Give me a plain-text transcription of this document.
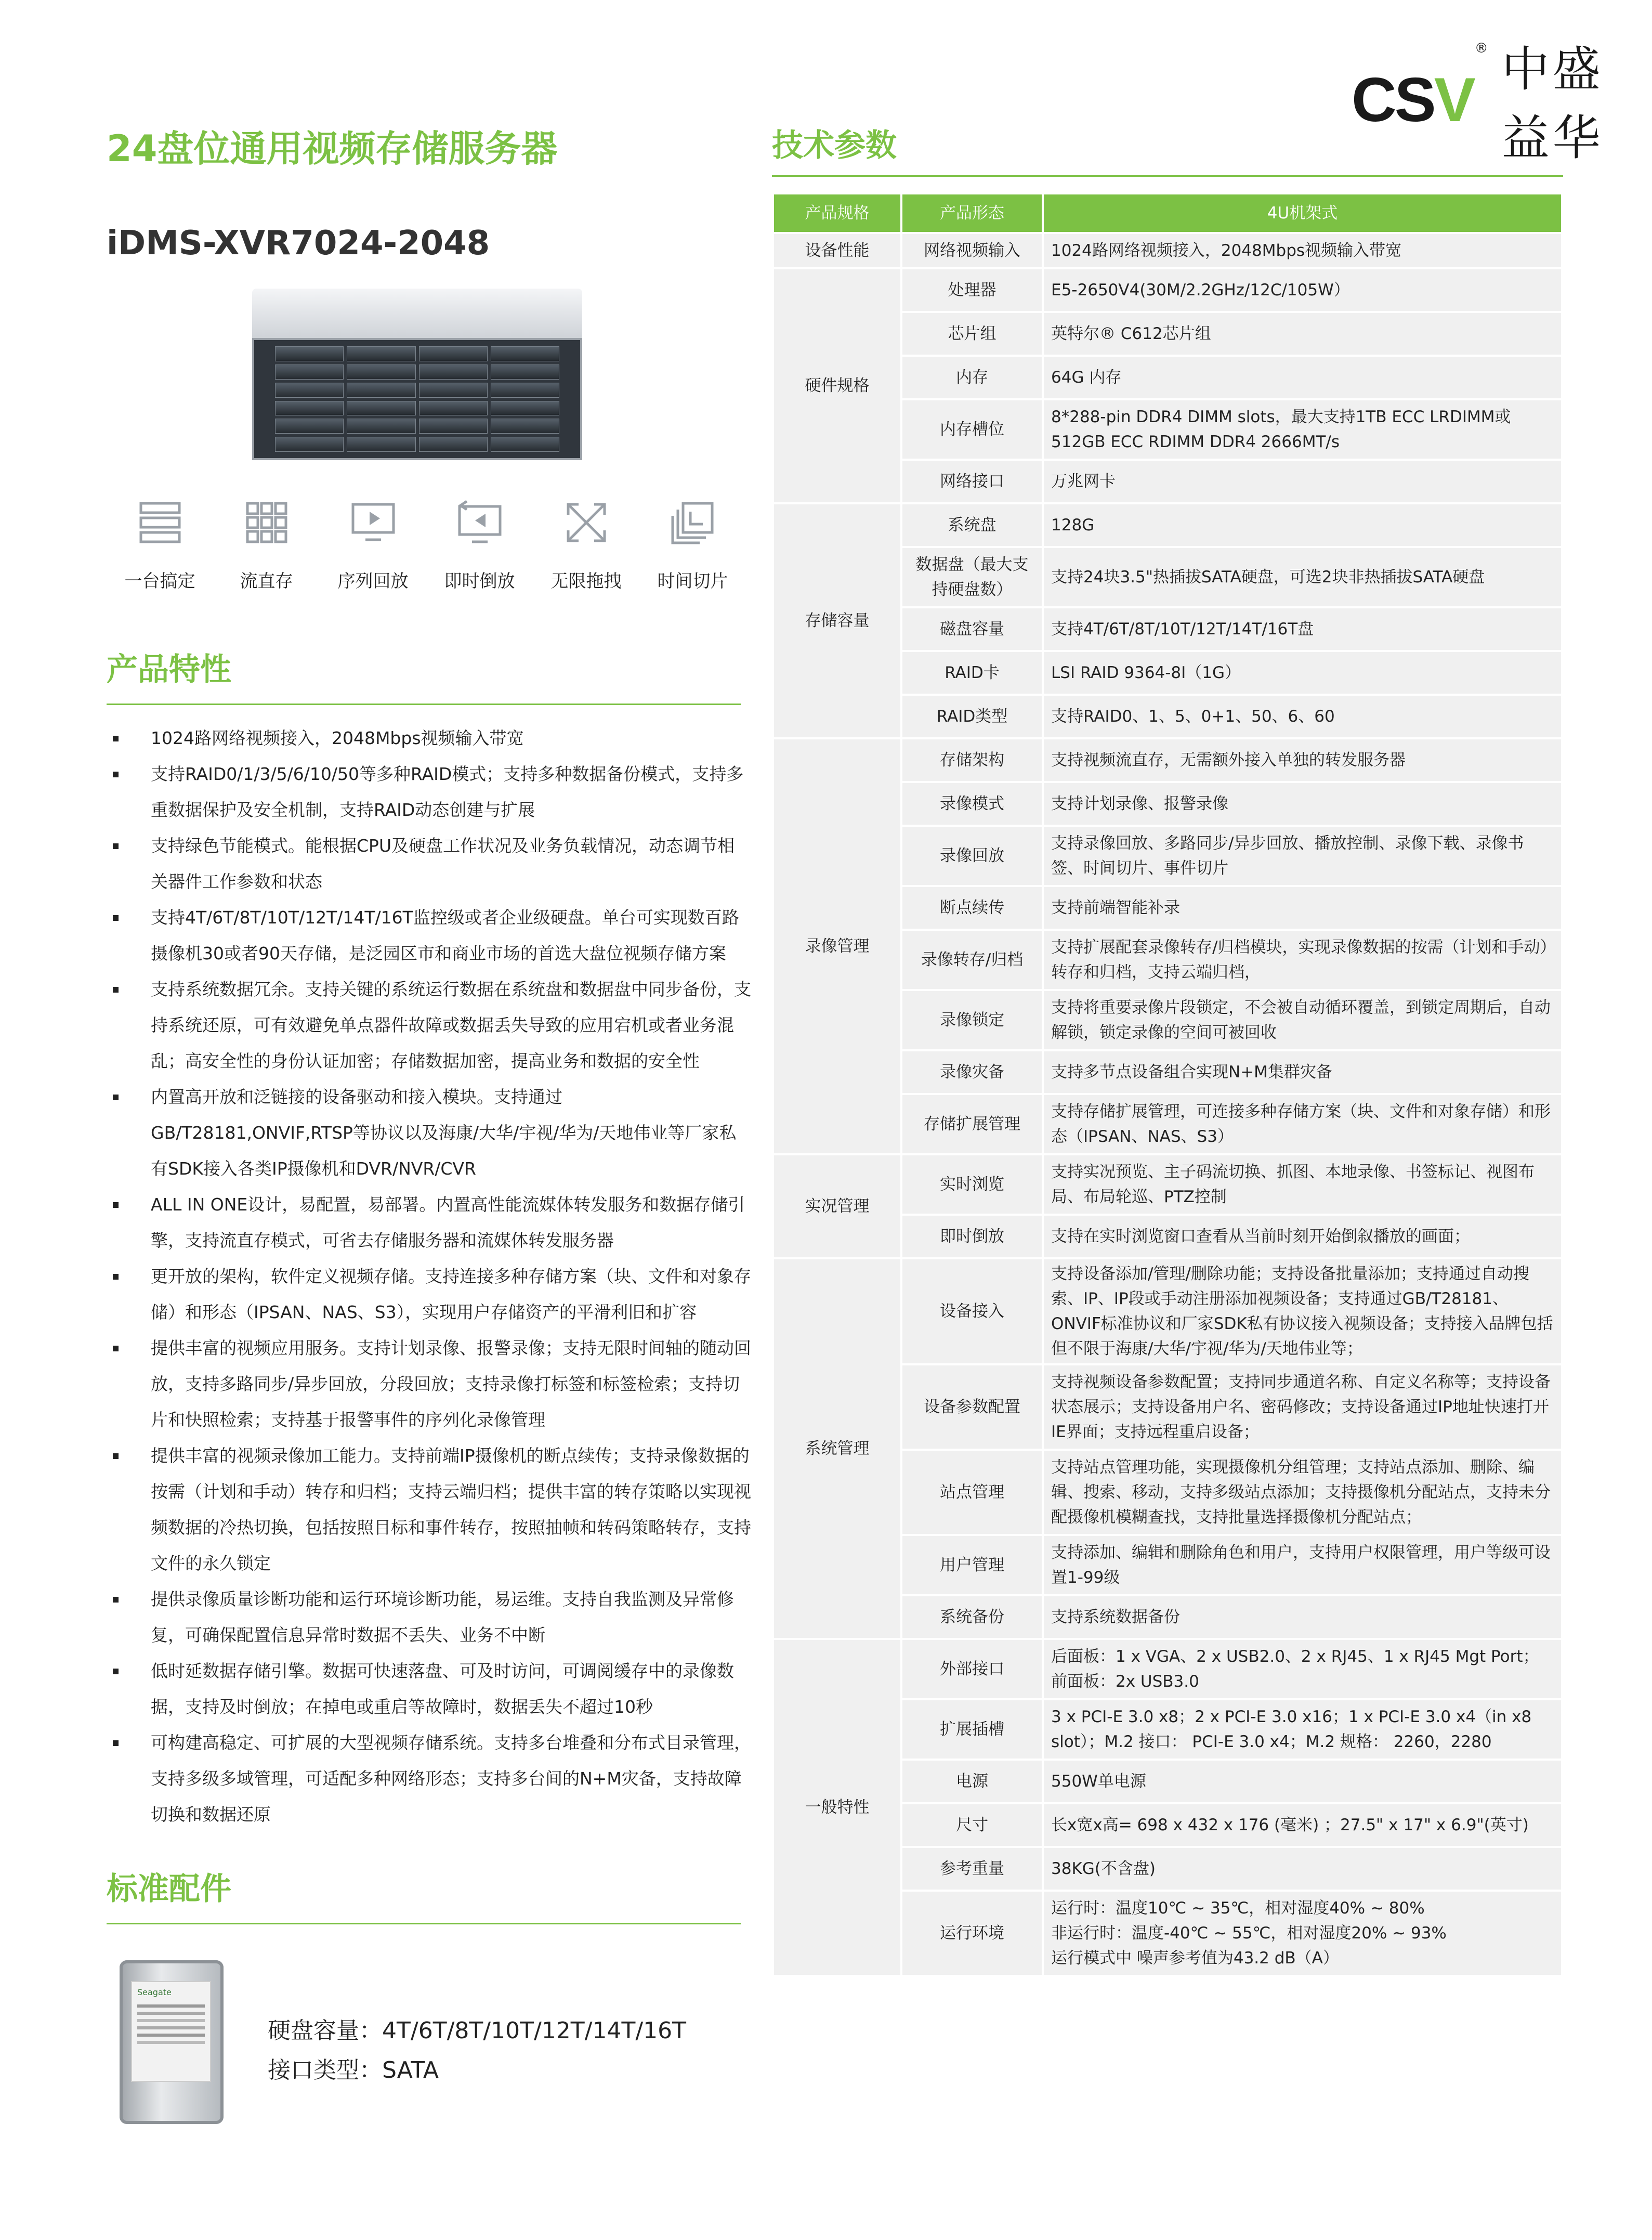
CSV
® 中盛益华
24盘位通用视频存储服务器
iDMS-XVR7024-2048
一台搞定	流直存	序列回放 即时倒放 无限拖拽 时间切片
产品特性
1024路网络视频接入，2048Mbps视频输入带宽
支持RAID0/1/3/5/6/10/50等多种RAID模式；支持多种数据备份模式，支持多重数据保护及安全机制，支持RAID动态创建与扩展
支持绿色节能模式。能根据CPU及硬盘工作状况及业务负载情况，动态调节相关器件工作参数和状态
支持4T/6T/8T/10T/12T/14T/16T监控级或者企业级硬盘。单台可实现数百路摄像机30或者90天存储，是泛园区市和商业市场的首选大盘位视频存储方案
支持系统数据冗余。支持关键的系统运行数据在系统盘和数据盘中同步备份，支持系统还原，可有效避免单点器件故障或数据丢失导致的应用宕机或者业务混乱；高安全性的身份认证加密；存储数据加密，提高业务和数据的安全性
内置高开放和泛链接的设备驱动和接入模块。支持通过GB/T28181,ONVIF,RTSP等协议以及海康/大华/宇视/华为/天地伟业等厂家私有SDK接入各类IP摄像机和DVR/NVR/CVR
ALL IN ONE设计，易配置，易部署。内置高性能流媒体转发服务和数据存储引擎，支持流直存模式，可省去存储服务器和流媒体转发服务器
更开放的架构，软件定义视频存储。支持连接多种存储方案（块、文件和对象存储）和形态（IPSAN、NAS、S3），实现用户存储资产的平滑利旧和扩容
提供丰富的视频应用服务。支持计划录像、报警录像；支持无限时间轴的随动回放，支持多路同步/异步回放，分段回放；支持录像打标签和标签检索；支持切片和快照检索；支持基于报警事件的序列化录像管理
提供丰富的视频录像加工能力。支持前端IP摄像机的断点续传；支持录像数据的按需（计划和手动）转存和归档；支持云端归档；提供丰富的转存策略以实现视频数据的冷热切换，包括按照目标和事件转存，按照抽帧和转码策略转存，支持文件的永久锁定
提供录像质量诊断功能和运行环境诊断功能，易运维。支持自我监测及异常修复，可确保配置信息异常时数据不丢失、业务不中断
低时延数据存储引擎。数据可快速落盘、可及时访问，可调阅缓存中的录像数据，支持及时倒放；在掉电或重启等故障时，数据丢失不超过10秒
可构建高稳定、可扩展的大型视频存储系统。支持多台堆叠和分布式目录管理，支持多级多域管理，可适配多种网络形态；支持多台间的N+M灾备，支持故障切换和数据还原
标准配件
Seagate
硬盘容量：4T/6T/8T/10T/12T/14T/16T
接口类型：SATA
技术参数
产品规格	产品形态	4U机架式
设备性能	网络视频输入	1024路网络视频接入，2048Mbps视频输入带宽
硬件规格	处理器	E5-2650V4(30M/2.2GHz/12C/105W）
	芯片组	英特尔® C612芯片组
	内存	64G 内存
	内存槽位	8*288-pin DDR4 DIMM slots，最大支持1TB ECC LRDIMM或512GB ECC RDIMM DDR4 2666MT/s
	网络接口	万兆网卡
存储容量	系统盘	128G
	数据盘（最大支持硬盘数）	支持24块3.5"热插拔SATA硬盘，可选2块非热插拔SATA硬盘
	磁盘容量	支持4T/6T/8T/10T/12T/14T/16T盘
	RAID卡	LSI RAID 9364-8I（1G）
	RAID类型	支持RAID0、1、5、0+1、50、6、60
录像管理	存储架构	支持视频流直存，无需额外接入单独的转发服务器
	录像模式	支持计划录像、报警录像
	录像回放	支持录像回放、多路同步/异步回放、播放控制、录像下载、录像书签、时间切片、事件切片
	断点续传	支持前端智能补录
	录像转存/归档	支持扩展配套录像转存/归档模块，实现录像数据的按需（计划和手动）转存和归档，支持云端归档，
	录像锁定	支持将重要录像片段锁定，不会被自动循环覆盖，到锁定周期后，自动解锁，锁定录像的空间可被回收
	录像灾备	支持多节点设备组合实现N+M集群灾备
	存储扩展管理	支持存储扩展管理，可连接多种存储方案（块、文件和对象存储）和形态（IPSAN、NAS、S3）
实况管理	实时浏览	支持实况预览、主子码流切换、抓图、本地录像、书签标记、视图布局、布局轮巡、PTZ控制
	即时倒放	支持在实时浏览窗口查看从当前时刻开始倒叙播放的画面；
系统管理	设备接入	支持设备添加/管理/删除功能；支持设备批量添加；支持通过自动搜索、IP、IP段或手动注册添加视频设备；支持通过GB/T28181、ONVIF标准协议和厂家SDK私有协议接入视频设备；支持接入品牌包括但不限于海康/大华/宇视/华为/天地伟业等；
	设备参数配置	支持视频设备参数配置；支持同步通道名称、自定义名称等；支持设备状态展示；支持设备用户名、密码修改；支持设备通过IP地址快速打开IE界面；支持远程重启设备；
	站点管理	支持站点管理功能，实现摄像机分组管理；支持站点添加、删除、编辑、搜索、移动，支持多级站点添加；支持摄像机分配站点，支持未分配摄像机模糊查找，支持批量选择摄像机分配站点；
	用户管理	支持添加、编辑和删除角色和用户，支持用户权限管理，用户等级可设置1-99级
	系统备份	支持系统数据备份
一般特性	外部接口	后面板：1 x VGA、2 x USB2.0、2 x RJ45、1 x RJ45 Mgt Port；前面板：2x USB3.0
	扩展插槽	3 x PCI-E 3.0 x8；2 x PCI-E 3.0 x16；1 x PCI-E 3.0 x4（in x8 slot）；M.2 接口： PCI-E 3.0 x4；M.2 规格： 2260，2280
	电源	550W单电源
	尺寸	长x宽x高= 698 x 432 x 176 (毫米) ；27.5" x 17" x 6.9"(英寸)
	参考重量	38KG(不含盘)
	运行环境	运行时：温度10℃ ~ 35℃，相对湿度40% ~ 80%
非运行时：温度-40℃ ~ 55℃，相对湿度20% ~ 93%
运行模式中 噪声参考值为43.2 dB（A）
